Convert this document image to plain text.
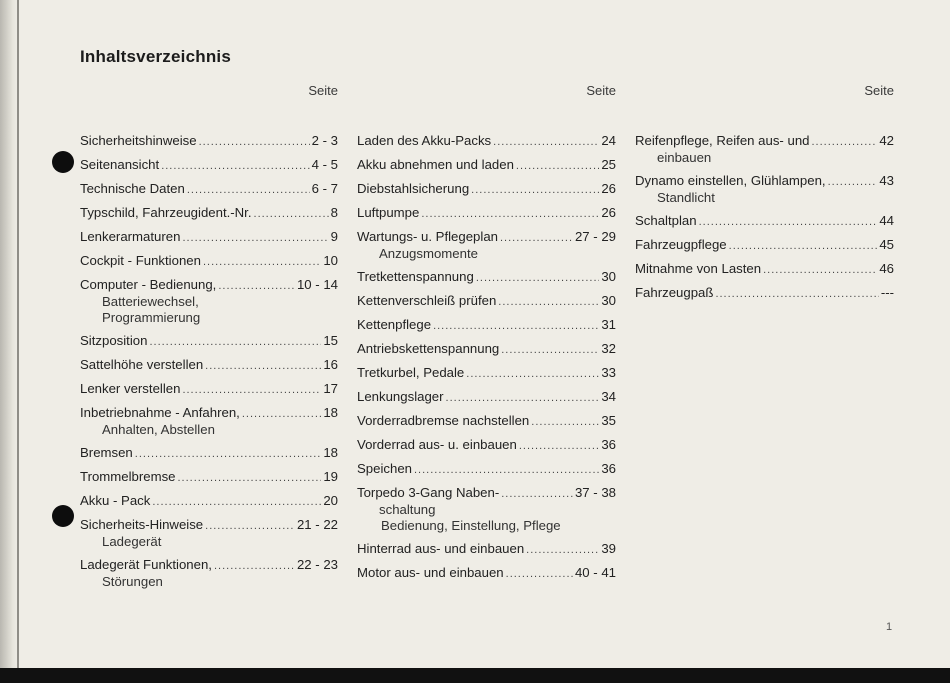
Inhaltsverzeichnis
Seite
Sicherheitshinweise .....	2 - 3
Seitenansicht .....	4 - 5
Technische Daten .....	6 - 7
Typschild, Fahrzeugident.-Nr. .....	8
Lenkerarmaturen .....	9
Cockpit - Funktionen .....	10
Computer - Bedienung, .....	10 - 14
Batteriewechsel,
Programmierung
Sitzposition .....	15
Sattelhöhe verstellen .....	16
Lenker verstellen .....	17
Inbetriebnahme - Anfahren, .....	18
Anhalten, Abstellen
Bremsen .....	18
Trommelbremse .....	19
Akku - Pack .....	20
Sicherheits-Hinweise .....	21 - 22
Ladegerät
Ladegerät Funktionen, .....	22 - 23
Störungen
Seite
Laden des Akku-Packs .....	24
Akku abnehmen und laden .....	25
Diebstahlsicherung .....	26
Luftpumpe .....	26
Wartungs- u. Pflegeplan .....	27 - 29
Anzugsmomente
Tretkettenspannung .....	30
Kettenverschleiß prüfen .....	30
Kettenpflege .....	31
Antriebskettenspannung .....	32
Tretkurbel, Pedale .....	33
Lenkungslager .....	34
Vorderradbremse nachstellen .....	35
Vorderrad aus- u. einbauen .....	36
Speichen .....	36
Torpedo 3-Gang Naben- .....	37 - 38
schaltung
Bedienung, Einstellung, Pflege
Hinterrad aus- und einbauen .....	39
Motor aus- und einbauen .....	40 - 41
Seite
Reifenpflege, Reifen aus- und .....	42
einbauen
Dynamo einstellen, Glühlampen, .....	43
Standlicht
Schaltplan .....	44
Fahrzeugpflege .....	45
Mitnahme von Lasten .....	46
Fahrzeugpaß .....	---
1
